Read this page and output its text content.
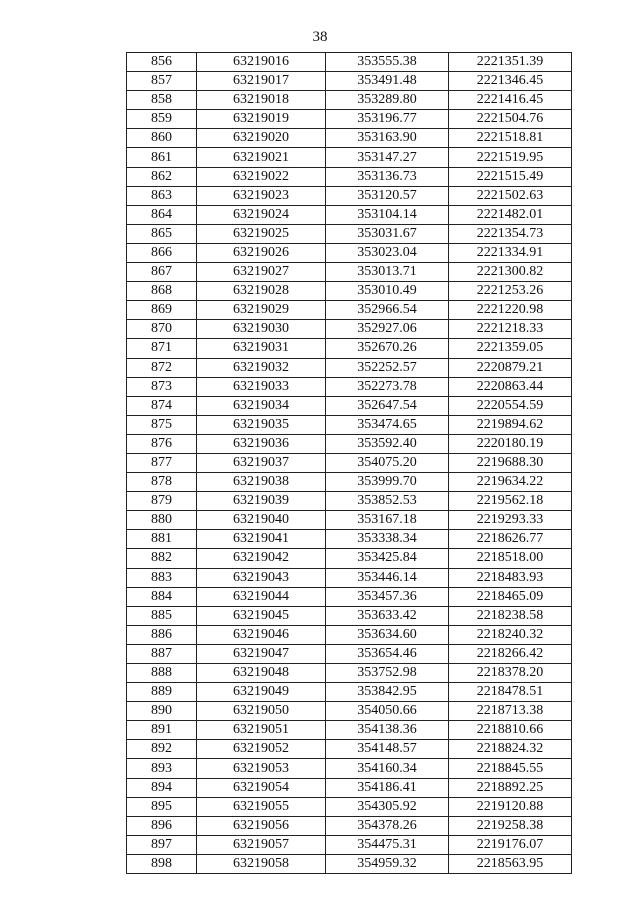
38
856	63219016	353555.38	2221351.39
857	63219017	353491.48	2221346.45
858	63219018	353289.80	2221416.45
859	63219019	353196.77	2221504.76
860	63219020	353163.90	2221518.81
861	63219021	353147.27	2221519.95
862	63219022	353136.73	2221515.49
863	63219023	353120.57	2221502.63
864	63219024	353104.14	2221482.01
865	63219025	353031.67	2221354.73
866	63219026	353023.04	2221334.91
867	63219027	353013.71	2221300.82
868	63219028	353010.49	2221253.26
869	63219029	352966.54	2221220.98
870	63219030	352927.06	2221218.33
871	63219031	352670.26	2221359.05
872	63219032	352252.57	2220879.21
873	63219033	352273.78	2220863.44
874	63219034	352647.54	2220554.59
875	63219035	353474.65	2219894.62
876	63219036	353592.40	2220180.19
877	63219037	354075.20	2219688.30
878	63219038	353999.70	2219634.22
879	63219039	353852.53	2219562.18
880	63219040	353167.18	2219293.33
881	63219041	353338.34	2218626.77
882	63219042	353425.84	2218518.00
883	63219043	353446.14	2218483.93
884	63219044	353457.36	2218465.09
885	63219045	353633.42	2218238.58
886	63219046	353634.60	2218240.32
887	63219047	353654.46	2218266.42
888	63219048	353752.98	2218378.20
889	63219049	353842.95	2218478.51
890	63219050	354050.66	2218713.38
891	63219051	354138.36	2218810.66
892	63219052	354148.57	2218824.32
893	63219053	354160.34	2218845.55
894	63219054	354186.41	2218892.25
895	63219055	354305.92	2219120.88
896	63219056	354378.26	2219258.38
897	63219057	354475.31	2219176.07
898	63219058	354959.32	2218563.95
